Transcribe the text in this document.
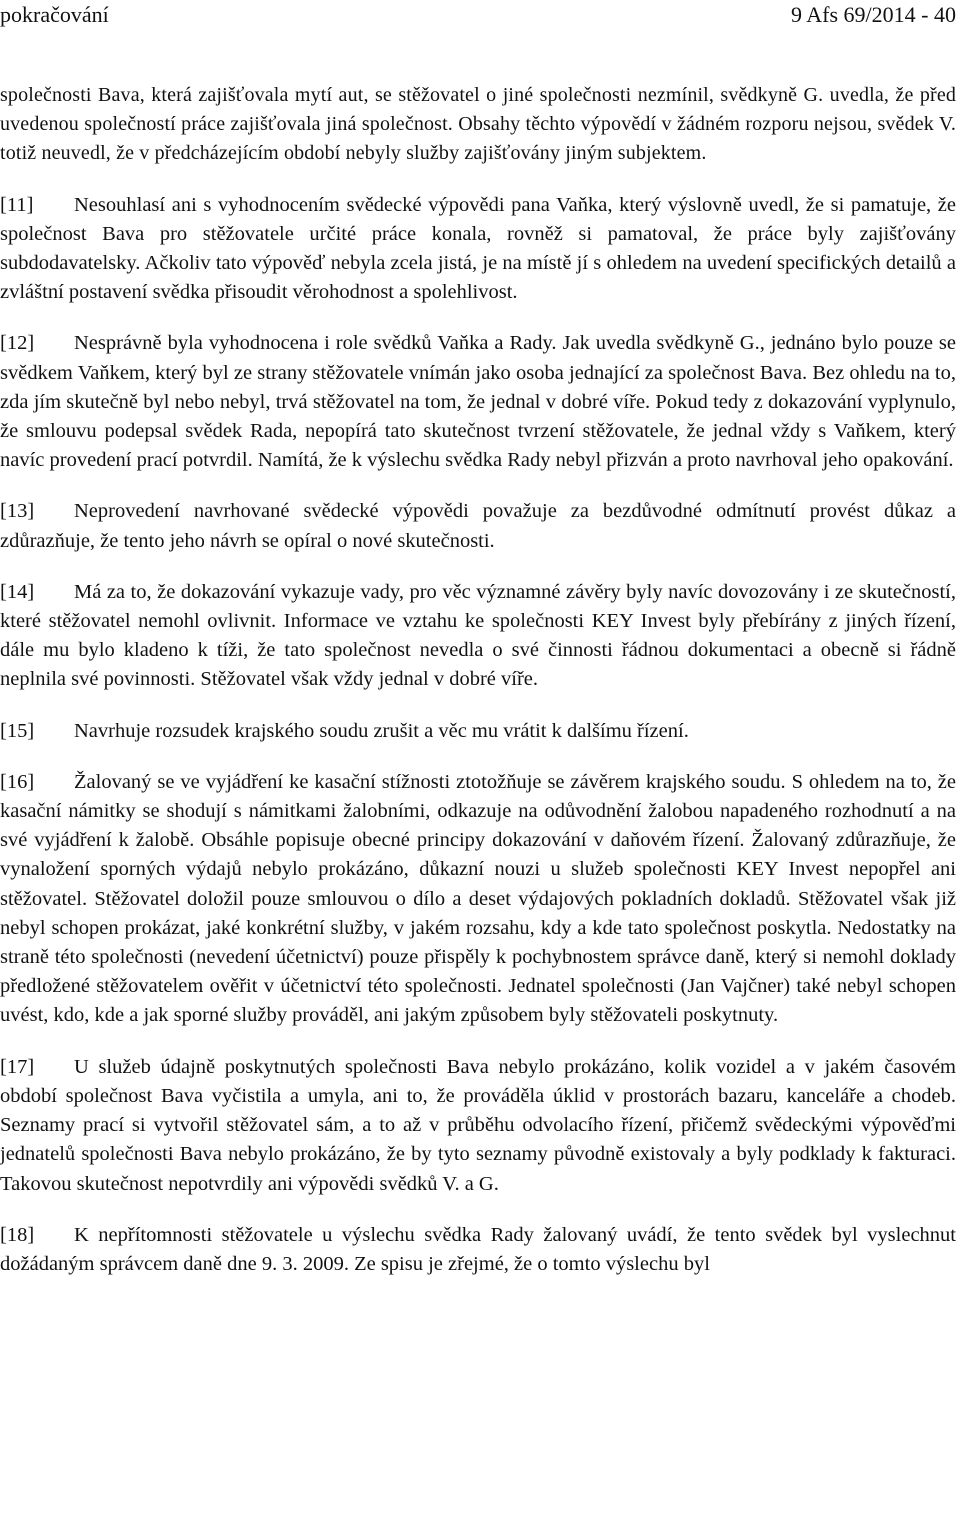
pokračování	9 Afs 69/2014 - 40

společnosti Bava, která zajišťovala mytí aut, se stěžovatel o jiné společnosti nezmínil, svědkyně G. uvedla, že před uvedenou společností práce zajišťovala jiná společnost. Obsahy těchto výpovědí v žádném rozporu nejsou, svědek V. totiž neuvedl, že v předcházejícím období nebyly služby zajišťovány jiným subjektem.

[11] Nesouhlasí ani s vyhodnocením svědecké výpovědi pana Vaňka, který výslovně uvedl, že si pamatuje, že společnost Bava pro stěžovatele určité práce konala, rovněž si pamatoval, že práce byly zajišťovány subdodavatelsky. Ačkoliv tato výpověď nebyla zcela jistá, je na místě jí s ohledem na uvedení specifických detailů a zvláštní postavení svědka přisoudit věrohodnost a spolehlivost.

[12] Nesprávně byla vyhodnocena i role svědků Vaňka a Rady. Jak uvedla svědkyně G., jednáno bylo pouze se svědkem Vaňkem, který byl ze strany stěžovatele vnímán jako osoba jednající za společnost Bava. Bez ohledu na to, zda jím skutečně byl nebo nebyl, trvá stěžovatel na tom, že jednal v dobré víře. Pokud tedy z dokazování vyplynulo, že smlouvu podepsal svědek Rada, nepopírá tato skutečnost tvrzení stěžovatele, že jednal vždy s Vaňkem, který navíc provedení prací potvrdil. Namítá, že k výslechu svědka Rady nebyl přizván a proto navrhoval jeho opakování.

[13] Neprovedení navrhované svědecké výpovědi považuje za bezdůvodné odmítnutí provést důkaz a zdůrazňuje, že tento jeho návrh se opíral o nové skutečnosti.

[14] Má za to, že dokazování vykazuje vady, pro věc významné závěry byly navíc dovozovány i ze skutečností, které stěžovatel nemohl ovlivnit. Informace ve vztahu ke společnosti KEY Invest byly přebírány z jiných řízení, dále mu bylo kladeno k tíži, že tato společnost nevedla o své činnosti řádnou dokumentaci a obecně si řádně neplnila své povinnosti. Stěžovatel však vždy jednal v dobré víře.

[15] Navrhuje rozsudek krajského soudu zrušit a věc mu vrátit k dalšímu řízení.

[16] Žalovaný se ve vyjádření ke kasační stížnosti ztotožňuje se závěrem krajského soudu. S ohledem na to, že kasační námitky se shodují s námitkami žalobními, odkazuje na odůvodnění žalobou napadeného rozhodnutí a na své vyjádření k žalobě. Obsáhle popisuje obecné principy dokazování v daňovém řízení. Žalovaný zdůrazňuje, že vynaložení sporných výdajů nebylo prokázáno, důkazní nouzi u služeb společnosti KEY Invest nepopřel ani stěžovatel. Stěžovatel doložil pouze smlouvou o dílo a deset výdajových pokladních dokladů. Stěžovatel však již nebyl schopen prokázat, jaké konkrétní služby, v jakém rozsahu, kdy a kde tato společnost poskytla. Nedostatky na straně této společnosti (nevedení účetnictví) pouze přispěly k pochybnostem správce daně, který si nemohl doklady předložené stěžovatelem ověřit v účetnictví této společnosti. Jednatel společnosti (Jan Vajčner) také nebyl schopen uvést, kdo, kde a jak sporné služby prováděl, ani jakým způsobem byly stěžovateli poskytnuty.

[17] U služeb údajně poskytnutých společnosti Bava nebylo prokázáno, kolik vozidel a v jakém časovém období společnost Bava vyčistila a umyla, ani to, že prováděla úklid v prostorách bazaru, kanceláře a chodeb. Seznamy prací si vytvořil stěžovatel sám, a to až v průběhu odvolacího řízení, přičemž svědeckými výpověďmi jednatelů společnosti Bava nebylo prokázáno, že by tyto seznamy původně existovaly a byly podklady k fakturaci. Takovou skutečnost nepotvrdily ani výpovědi svědků V. a G.

[18] K nepřítomnosti stěžovatele u výslechu svědka Rady žalovaný uvádí, že tento svědek byl vyslechnut dožádaným správcem daně dne 9. 3. 2009. Ze spisu je zřejmé, že o tomto výslechu byl
